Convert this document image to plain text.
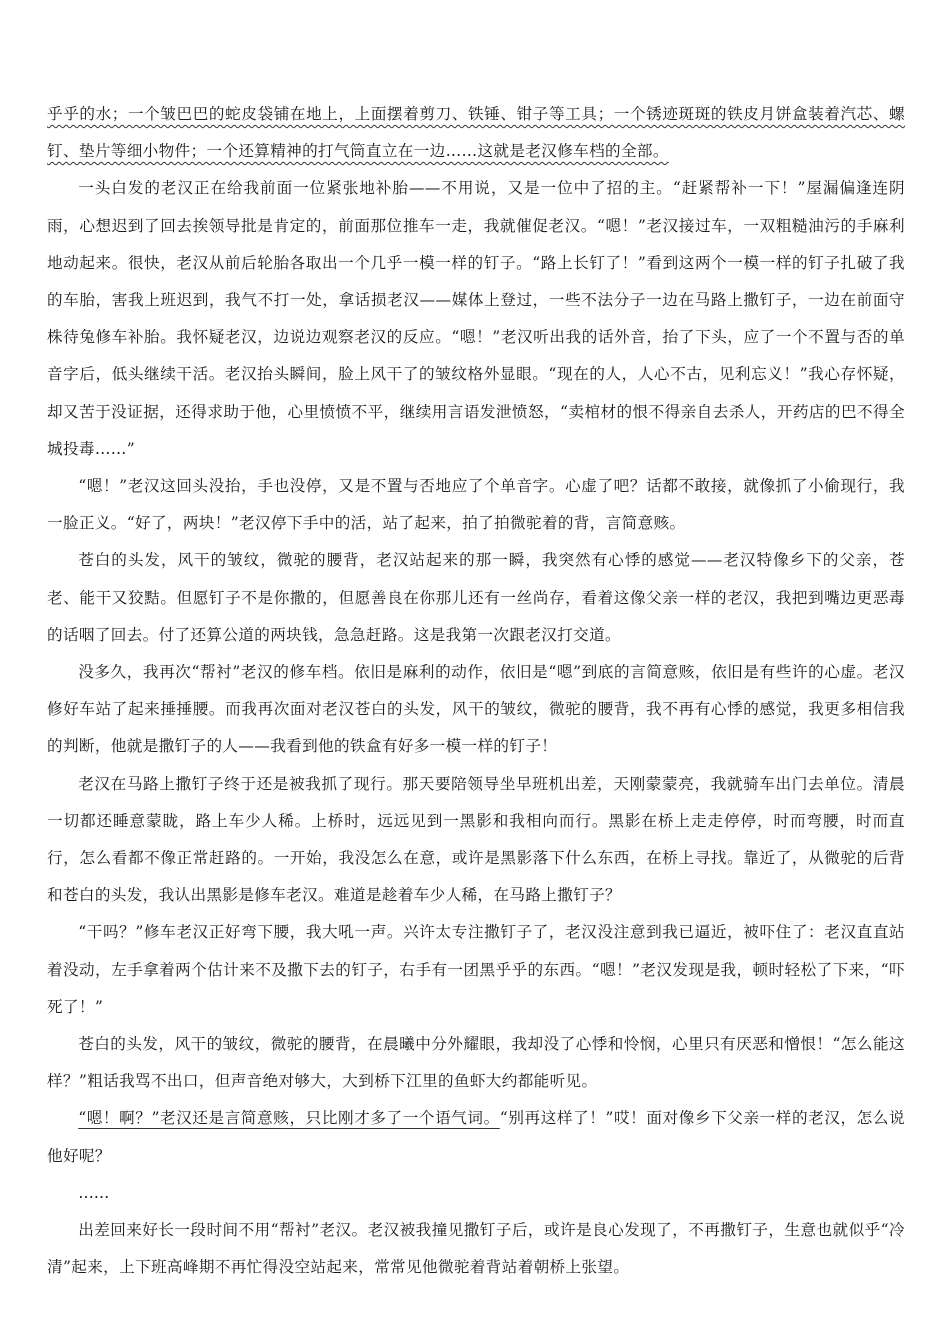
乎乎的水；一个皱巴巴的蛇皮袋铺在地上，上面摆着剪刀、铁锤、钳子等工具；一个锈迹斑斑的铁皮月饼盒装着汽芯、螺钉、垫片等细小物件；一个还算精神的打气筒直立在一边……这就是老汉修车档的全部。

一头白发的老汉正在给我前面一位紧张地补胎——不用说，又是一位中了招的主。“赶紧帮补一下！”屋漏偏逢连阴雨，心想迟到了回去挨领导批是肯定的，前面那位推车一走，我就催促老汉。“嗯！”老汉接过车，一双粗糙油污的手麻利地动起来。很快，老汉从前后轮胎各取出一个几乎一模一样的钉子。“路上长钉了！”看到这两个一模一样的钉子扎破了我的车胎，害我上班迟到，我气不打一处，拿话损老汉——媒体上登过，一些不法分子一边在马路上撒钉子，一边在前面守株待兔修车补胎。我怀疑老汉，边说边观察老汉的反应。“嗯！”老汉听出我的话外音，抬了下头，应了一个不置与否的单音字后，低头继续干活。老汉抬头瞬间，脸上风干了的皱纹格外显眼。“现在的人，人心不古，见利忘义！”我心存怀疑，却又苦于没证据，还得求助于他，心里愤愤不平，继续用言语发泄愤怒，“卖棺材的恨不得亲自去杀人，开药店的巴不得全城投毒……”

“嗯！”老汉这回头没抬，手也没停，又是不置与否地应了个单音字。心虚了吧？话都不敢接，就像抓了小偷现行，我一脸正义。“好了，两块！”老汉停下手中的活，站了起来，拍了拍微驼着的背，言简意赅。

苍白的头发，风干的皱纹，微驼的腰背，老汉站起来的那一瞬，我突然有心悸的感觉——老汉特像乡下的父亲，苍老、能干又狡黠。但愿钉子不是你撒的，但愿善良在你那儿还有一丝尚存，看着这像父亲一样的老汉，我把到嘴边更恶毒的话咽了回去。付了还算公道的两块钱，急急赶路。这是我第一次跟老汉打交道。

没多久，我再次“帮衬”老汉的修车档。依旧是麻利的动作，依旧是“嗯”到底的言简意赅，依旧是有些许的心虚。老汉修好车站了起来捶捶腰。而我再次面对老汉苍白的头发，风干的皱纹，微驼的腰背，我不再有心悸的感觉，我更多相信我的判断，他就是撒钉子的人——我看到他的铁盒有好多一模一样的钉子！

老汉在马路上撒钉子终于还是被我抓了现行。那天要陪领导坐早班机出差，天刚蒙蒙亮，我就骑车出门去单位。清晨一切都还睡意蒙眬，路上车少人稀。上桥时，远远见到一黑影和我相向而行。黑影在桥上走走停停，时而弯腰，时而直行，怎么看都不像正常赶路的。一开始，我没怎么在意，或许是黑影落下什么东西，在桥上寻找。靠近了，从微驼的后背和苍白的头发，我认出黑影是修车老汉。难道是趁着车少人稀，在马路上撒钉子？

“干吗？”修车老汉正好弯下腰，我大吼一声。兴许太专注撒钉子了，老汉没注意到我已逼近，被吓住了：老汉直直站着没动，左手拿着两个估计来不及撒下去的钉子，右手有一团黑乎乎的东西。“嗯！”老汉发现是我，顿时轻松了下来，“吓死了！”

苍白的头发，风干的皱纹，微驼的腰背，在晨曦中分外耀眼，我却没了心悸和怜悯，心里只有厌恶和憎恨！“怎么能这样？”粗话我骂不出口，但声音绝对够大，大到桥下江里的鱼虾大约都能听见。

“嗯！啊？”老汉还是言简意赅，只比刚才多了一个语气词。“别再这样了！”哎！面对像乡下父亲一样的老汉，怎么说他好呢？

……

出差回来好长一段时间不用“帮衬”老汉。老汉被我撞见撒钉子后，或许是良心发现了，不再撒钉子，生意也就似乎“冷清”起来，上下班高峰期不再忙得没空站起来，常常见他微驼着背站着朝桥上张望。
